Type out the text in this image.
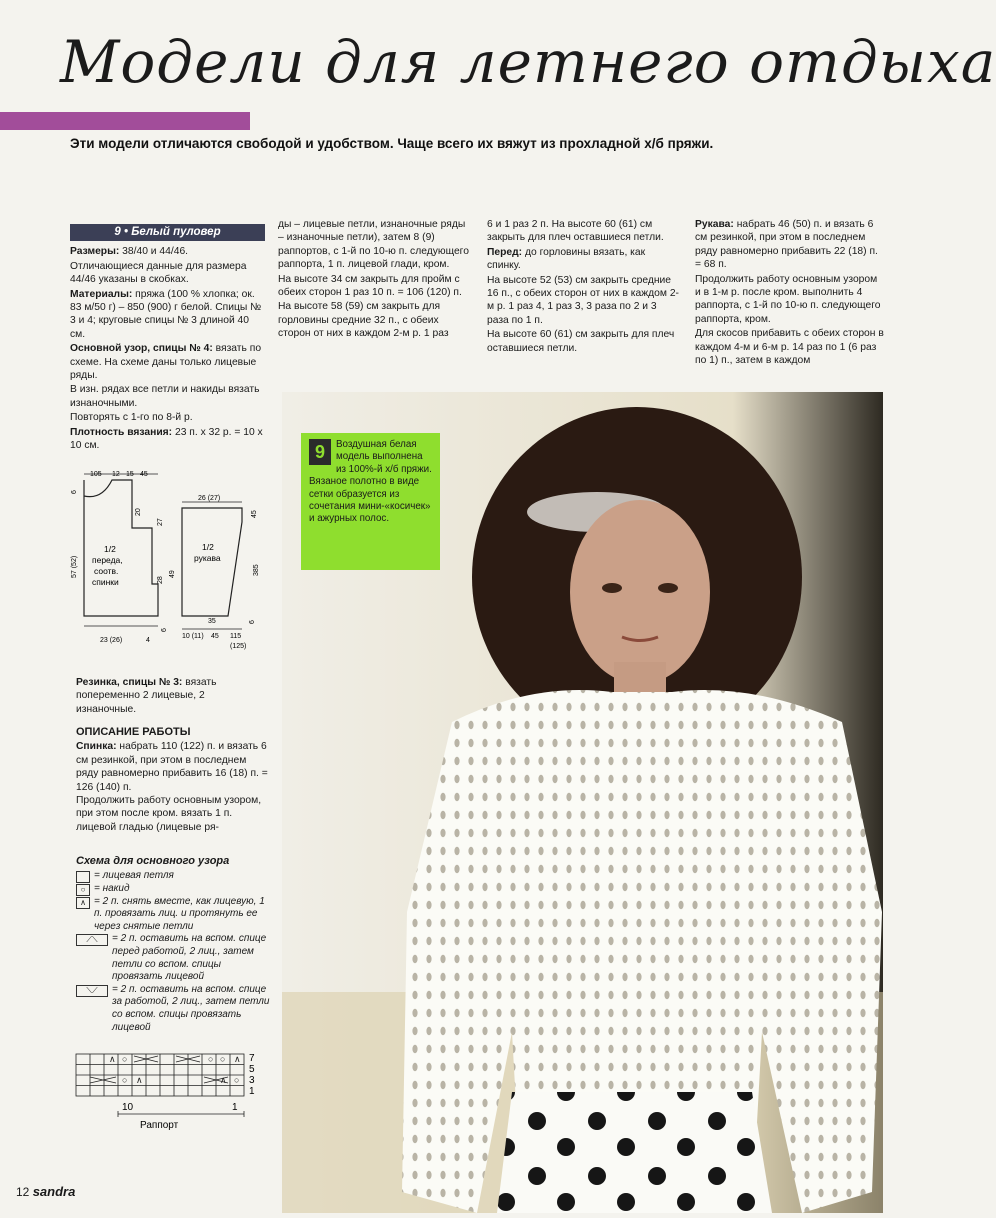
Модели для летнего отдыха
Эти модели отличаются свободой и удобством. Чаще всего их вяжут из прохладной х/б пряжи.
9 • Белый пуловер

Размеры: 38/40 и 44/46.

Отличающиеся данные для размера 44/46 указаны в скобках.

Материалы: пряжа (100 % хлопка; ок. 83 м/50 г) – 850 (900) г белой. Спицы № 3 и 4; круговые спицы № 3 длиной 40 см.

Основной узор, спицы № 4: вязать по схеме. На схеме даны только лицевые ряды.

В изн. рядах все петли и накиды вязать изнаночными.

Повторять с 1-го по 8-й р.

Плотность вязания: 23 п. x 32 р. = 10 x 10 см.

105 12 15 45
6
57 (52)
20
27
28
49
1/2
переда,
соотв.
спинки
23 (26)	4
6
26 (27)
45
385
6
1/2
рукава
35
10 (11) 45 115
(125)
Резинка, спицы № 3: вязать попеременно 2 лицевые, 2 изнаночные.
ОПИСАНИЕ РАБОТЫ

Спинка: набрать 110 (122) п. и вязать 6 см резинкой, при этом в последнем ряду равномерно прибавить 16 (18) п. = 126 (140) п.

Продолжить работу основным узором, при этом после кром. вязать 1 п. лицевой гладью (лицевые ря-

Схема для основного узора
= лицевая петля
○ = накид
∧ = 2 п. снять вместе, как лицевую, 1 п. провязать лиц. и протянуть ее через снятые петли
⟋⟍	= 2 п. оставить на вспом. спице перед работой, 2 лиц., затем петли со вспом. спицы провязать лицевой
⟍⟋	= 2 п. оставить на вспом. спице за работой, 2 лиц., затем петли со вспом. спицы провязать лицевой
○
∧	○ ○ ∧
○ ∧	∧ ○
7
5
3
1
10	1
Раппорт

ды – лицевые петли, изнаночные ряды – изнаночные петли), затем 8 (9) раппортов, с 1-й по 10-ю п. следующего раппорта, 1 п. лицевой глади, кром.

На высоте 34 см закрыть для пройм с обеих сторон 1 раз 10 п. = 106 (120) п.

На высоте 58 (59) см закрыть для горловины средние 32 п., с обеих сторон от них в каждом 2-м р. 1 раз

6 и 1 раз 2 п. На высоте 60 (61) см закрыть для плеч оставшиеся петли.

Перед: до горловины вязать, как спинку.

На высоте 52 (53) см закрыть средние 16 п., с обеих сторон от них в каждом 2-м р. 1 раз 4, 1 раз 3, 3 раза по 2 и 3 раза по 1 п.

На высоте 60 (61) см закрыть для плеч оставшиеся петли.

Рукава: набрать 46 (50) п. и вязать 6 см резинкой, при этом в последнем ряду равномерно прибавить 22 (18) п. = 68 п.

Продолжить работу основным узором и в 1-м р. после кром. выполнить 4 раппорта, с 1-й по 10-ю п. следующего раппорта, кром.

Для скосов прибавить с обеих сторон в каждом 4-м и 6-м р. 14 раз по 1 (6 раз по 1) п., затем в каждом

9	Воздушная белая модель выполнена из 100%-й х/б пряжи. Вязаное полотно в виде сетки образуется из сочетания мини-«косичек» и ажурных полос.
12 sandra
